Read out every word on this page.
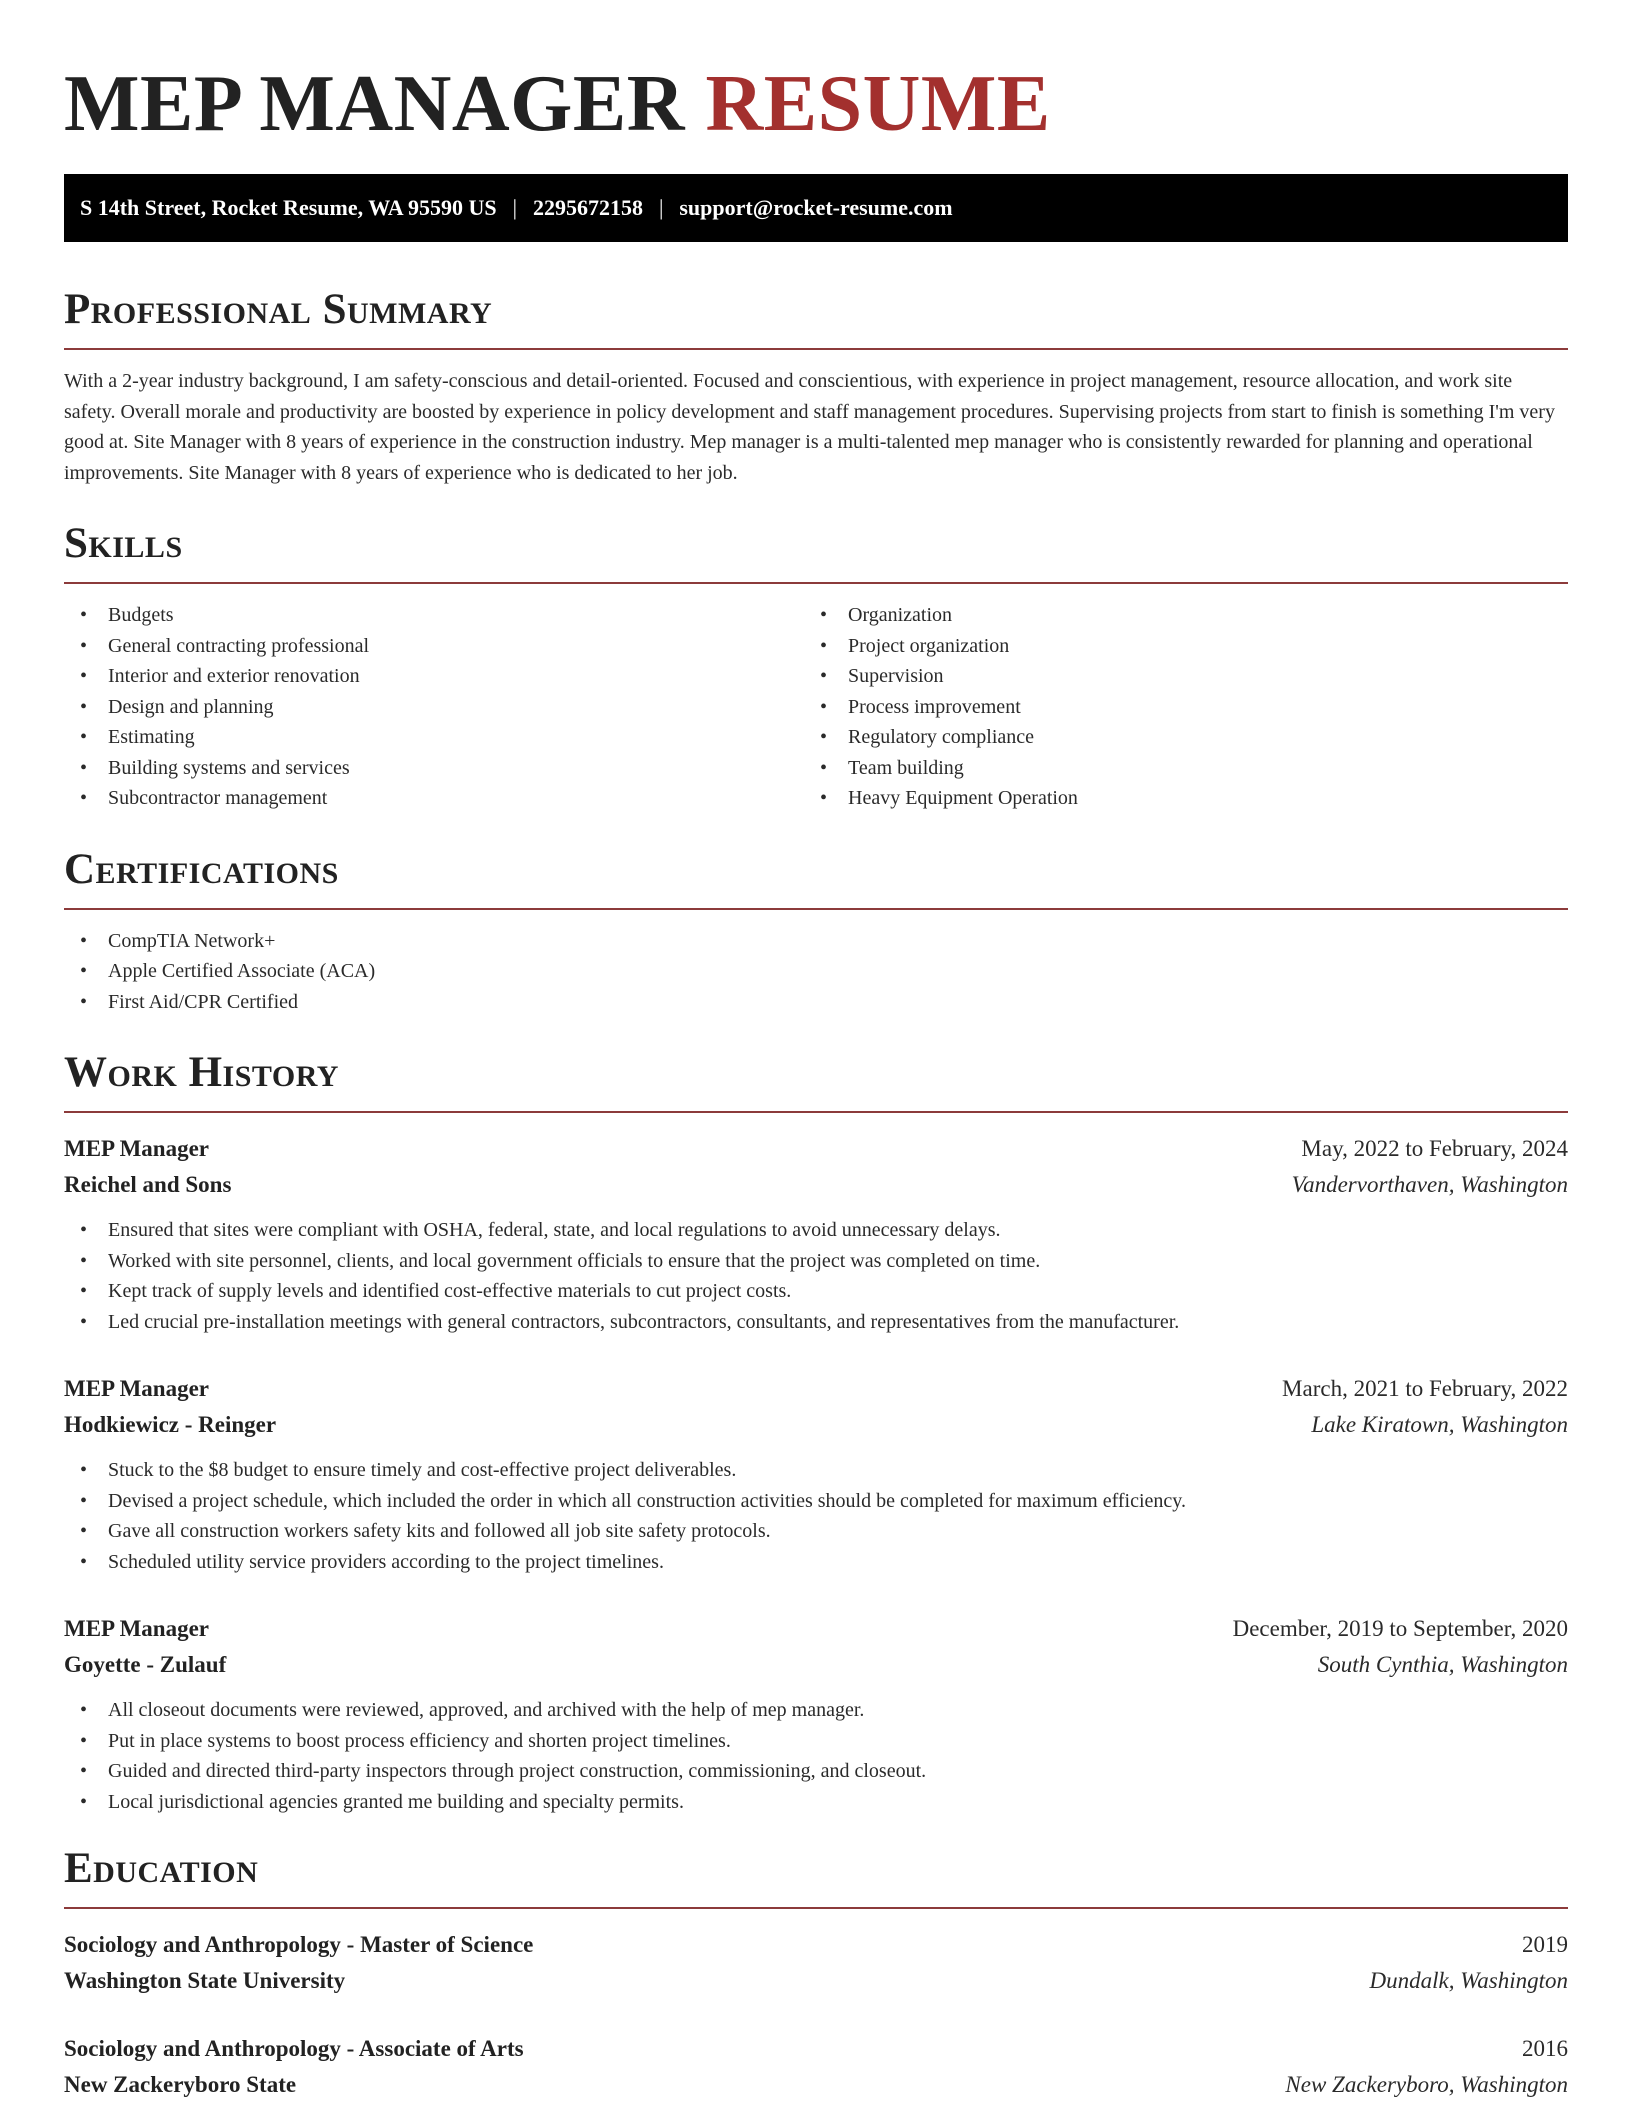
MEP MANAGER RESUME
S 14th Street, Rocket Resume, WA 95590 US | 2295672158 | support@rocket-resume.com
Professional Summary

With a 2-year industry background, I am safety-conscious and detail-oriented. Focused and conscientious, with experience in project management, resource allocation, and work site safety. Overall morale and productivity are boosted by experience in policy development and staff management procedures. Supervising projects from start to finish is something I'm very good at. Site Manager with 8 years of experience in the construction industry. Mep manager is a multi-talented mep manager who is consistently rewarded for planning and operational improvements. Site Manager with 8 years of experience who is dedicated to her job.

Skills
• Budgets
• General contracting professional
• Interior and exterior renovation
• Design and planning
• Estimating
• Building systems and services
• Subcontractor management
• Organization
• Project organization
• Supervision
• Process improvement
• Regulatory compliance
• Team building
• Heavy Equipment Operation
Certifications
• CompTIA Network+
• Apple Certified Associate (ACA)
• First Aid/CPR Certified
Work History
MEP Manager	May, 2022 to February, 2024
Reichel and Sons	Vandervorthaven, Washington
• Ensured that sites were compliant with OSHA, federal, state, and local regulations to avoid unnecessary delays.
• Worked with site personnel, clients, and local government officials to ensure that the project was completed on time.
• Kept track of supply levels and identified cost-effective materials to cut project costs.
• Led crucial pre-installation meetings with general contractors, subcontractors, consultants, and representatives from the manufacturer.
MEP Manager	March, 2021 to February, 2022
Hodkiewicz - Reinger	Lake Kiratown, Washington
• Stuck to the $8 budget to ensure timely and cost-effective project deliverables.
• Devised a project schedule, which included the order in which all construction activities should be completed for maximum efficiency.
• Gave all construction workers safety kits and followed all job site safety protocols.
• Scheduled utility service providers according to the project timelines.
MEP Manager	December, 2019 to September, 2020
Goyette - Zulauf	South Cynthia, Washington
• All closeout documents were reviewed, approved, and archived with the help of mep manager.
• Put in place systems to boost process efficiency and shorten project timelines.
• Guided and directed third-party inspectors through project construction, commissioning, and closeout.
• Local jurisdictional agencies granted me building and specialty permits.
Education
Sociology and Anthropology - Master of Science	2019
Washington State University	Dundalk, Washington
Sociology and Anthropology - Associate of Arts	2016
New Zackeryboro State	New Zackeryboro, Washington
